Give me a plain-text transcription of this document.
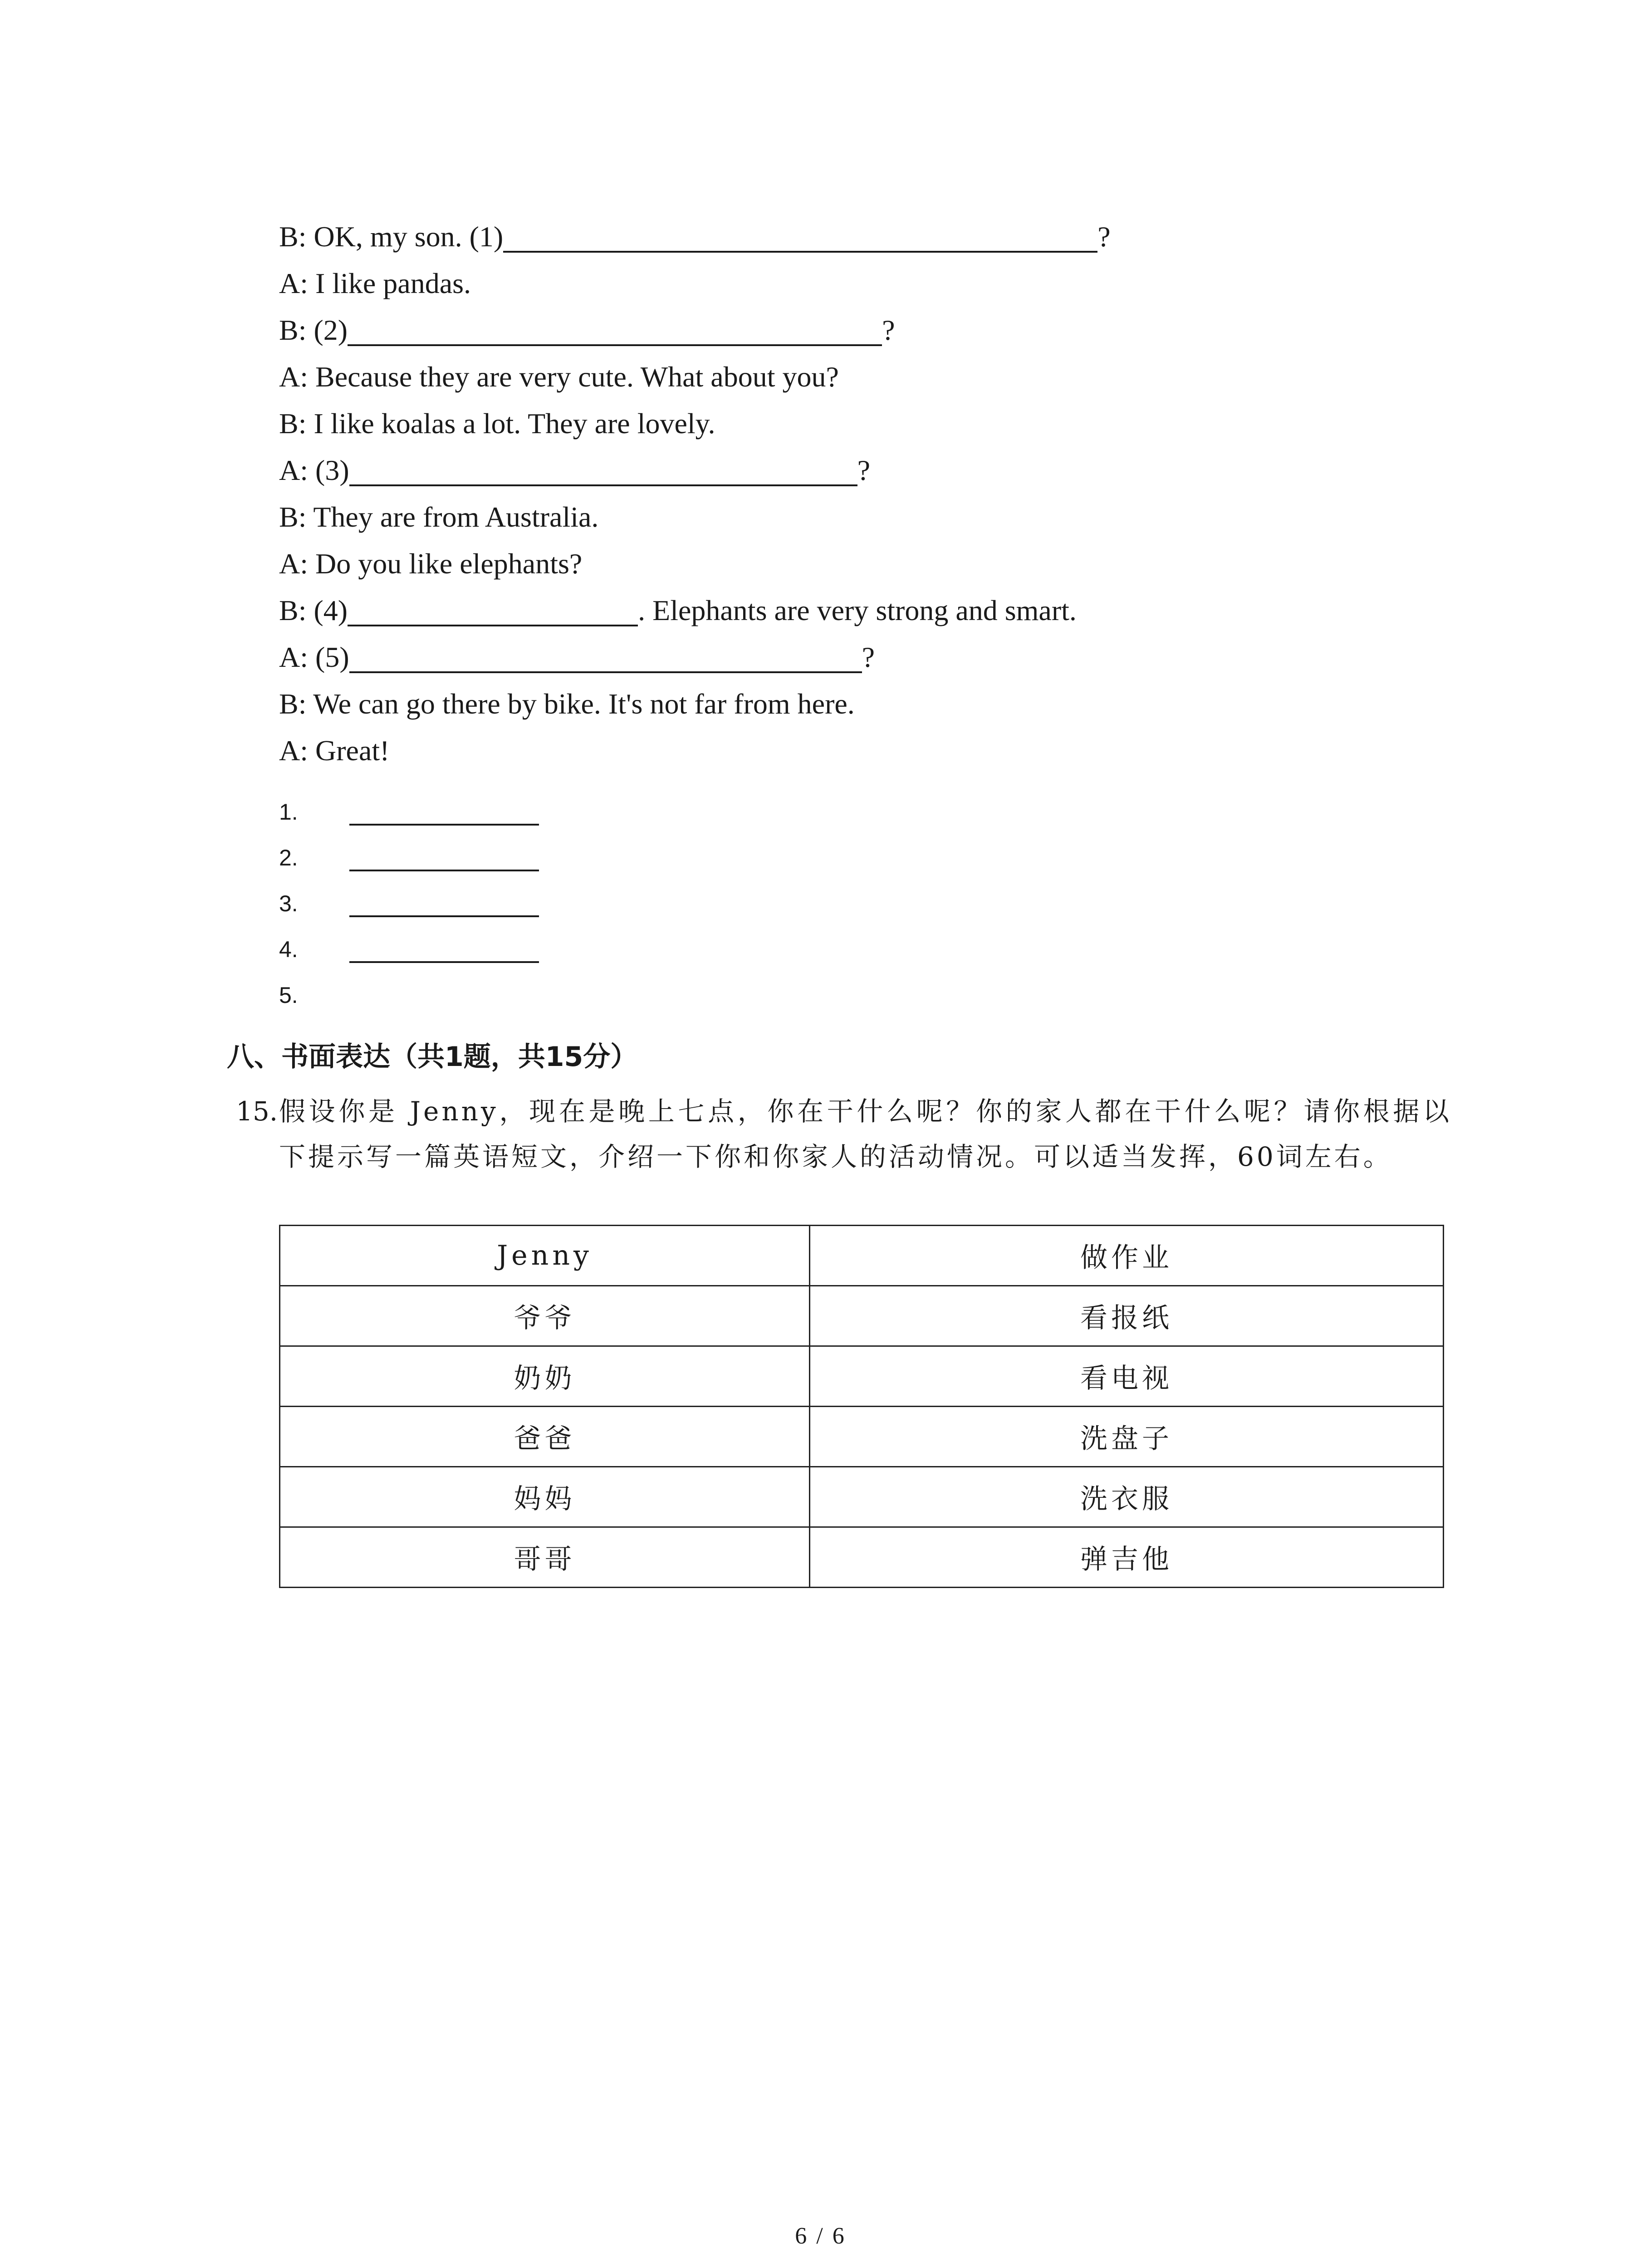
B: OK, my son. (1)	?
A: I like pandas.
B: (2)	?
A: Because they are very cute. What about you?
B: I like koalas a lot. They are lovely.
A: (3)	?
B: They are from Australia.
A: Do you like elephants?
B: (4)	. Elephants are very strong and smart.
A: (5)	?
B: We can go there by bike. It's not far from here.
A: Great!
1.
2.
3.
4.
5.
八、书面表达（共1题，共15分）
15. 假设你是 Jenny，现在是晚上七点，你在干什么呢？你的家人都在干什么呢？请你根据以下提示写一篇英语短文，介绍一下你和你家人的活动情况。可以适当发挥，60词左右。
Jenny	做作业
爷爷	看报纸
奶奶	看电视
爸爸	洗盘子
妈妈	洗衣服
哥哥	弹吉他
6 / 6
